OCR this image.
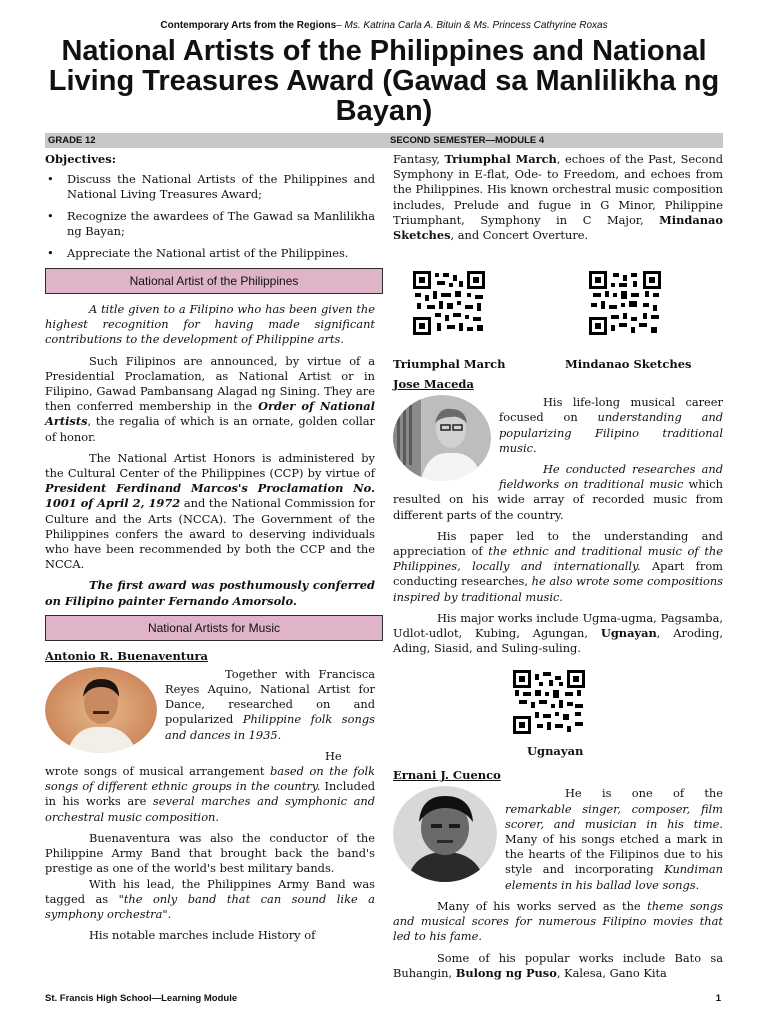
Contemporary Arts from the Regions– Ms. Katrina Carla A. Bituin & Ms. Princess Cathyrine Roxas
National Artists of the Philippines and National Living Treasures Award (Gawad sa Manlilikha ng Bayan)
GRADE 12	SECOND SEMESTER—MODULE 4
Objectives:
• Discuss the National Artists of the Philippines and National Living Treasures Award;
• Recognize the awardees of The Gawad sa Manlilikha ng Bayan;
• Appreciate the National artist of the Philippines.
National Artist of the Philippines

A title given to a Filipino who has been given the highest recognition for having made significant contributions to the development of Philippine arts.

Such Filipinos are announced, by virtue of a Presidential Proclamation, as National Artist or in Filipino, Gawad Pambansang Alagad ng Sining. They are then conferred membership in the Order of National Artists, the regalia of which is an ornate, golden collar of honor.

The National Artist Honors is administered by the Cultural Center of the Philippines (CCP) by virtue of President Ferdinand Marcos's Proclamation No. 1001 of April 2, 1972 and the National Commission for Culture and the Arts (NCCA). The Government of the Philippines confers the award to deserving individuals who have been recommended by both the CCP and the NCCA.

The first award was posthumously conferred on Filipino painter Fernando Amorsolo.

National Artists for Music
Antonio R. Buenaventura

Together with Francisca Reyes Aquino, National Artist for Dance, researched on and popularized Philippine folk songs and dances in 1935.

He wrote songs of musical arrangement based on the folk songs of different ethnic groups in the country. Included in his works are several marches and symphonic and orchestral music composition.

Buenaventura was also the conductor of the Philippine Army Band that brought back the band's prestige as one of the world's best military bands.

With his lead, the Philippines Army Band was tagged as "the only band that can sound like a symphony orchestra".

His notable marches include History of

Fantasy, Triumphal March, echoes of the Past, Second Symphony in E-flat, Ode- to Freedom, and echoes from the Philippines. His known orchestral music composition includes, Prelude and fugue in G Minor, Philippine Triumphant, Symphony in C Major, Mindanao Sketches, and Concert Overture.

Triumphal March	Mindanao Sketches
Jose Maceda

His life-long musical career focused on understanding and popularizing Filipino traditional music.

He conducted researches and fieldworks on traditional music which resulted on his wide array of recorded music from different parts of the country.

His paper led to the understanding and appreciation of the ethnic and traditional music of the Philippines, locally and internationally. Apart from conducting researches, he also wrote some compositions inspired by traditional music.

His major works include Ugma-ugma, Pagsamba, Udlot-udlot, Kubing, Agungan, Ugnayan, Aroding, Ading, Siasid, and Suling-suling.

Ugnayan
Ernani J. Cuenco

He is one of the remarkable singer, composer, film scorer, and musician in his time. Many of his songs etched a mark in the hearts of the Filipinos due to his style and incorporating Kundiman elements in his ballad love songs.

Many of his works served as the theme songs and musical scores for numerous Filipino movies that led to his fame.

Some of his popular works include Bato sa Buhangin, Bulong ng Puso, Kalesa, Gano Kita

St. Francis High School—Learning Module	1
